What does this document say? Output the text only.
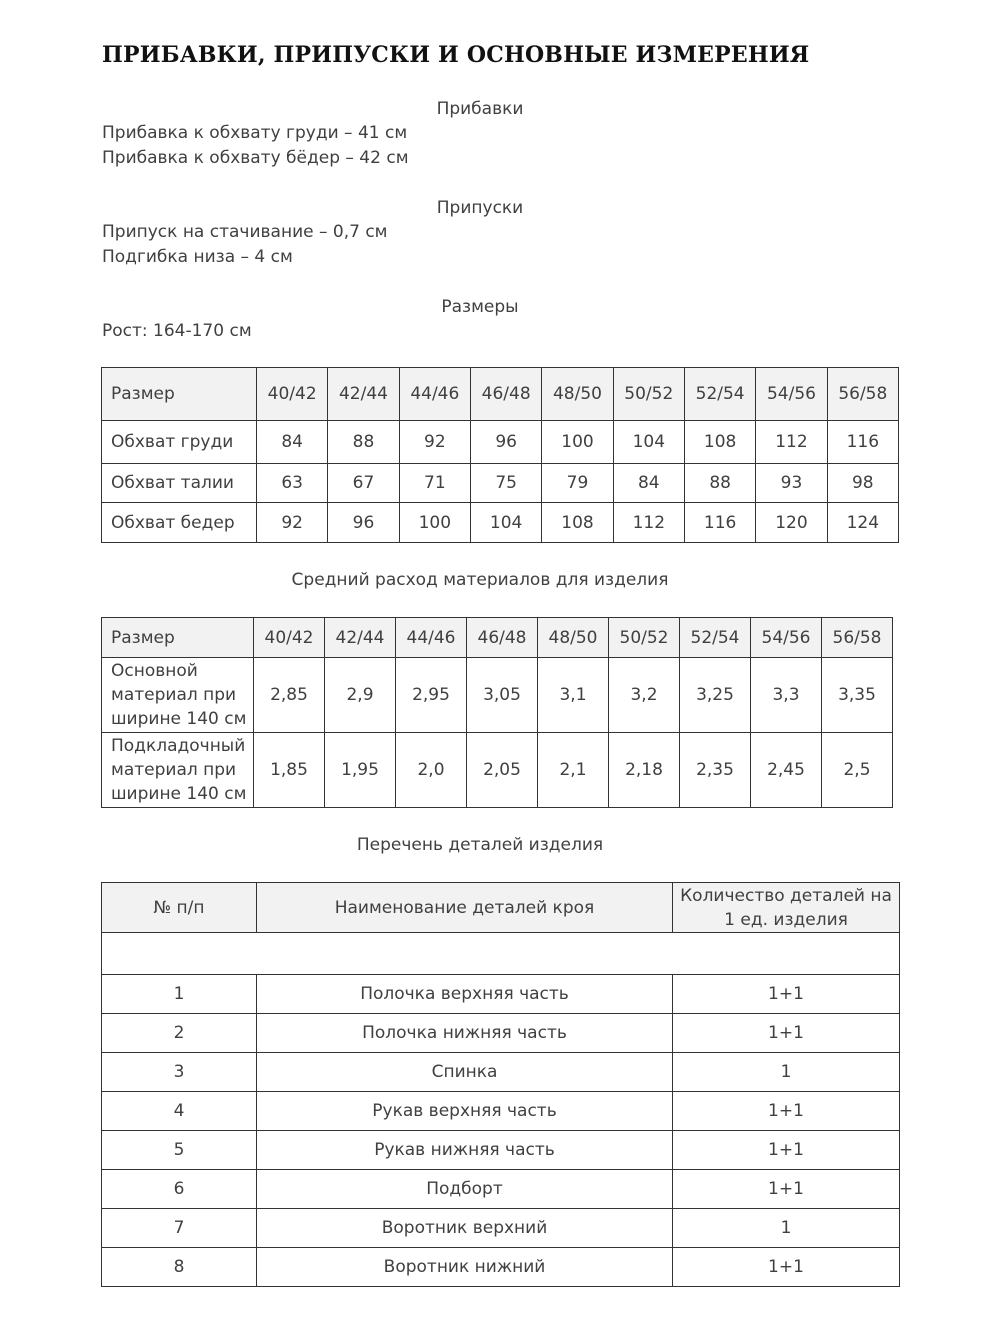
ПРИБАВКИ, ПРИПУСКИ И ОСНОВНЫЕ ИЗМЕРЕНИЯ

Прибавки

Прибавка к обхвату груди – 41 см

Прибавка к обхвату бёдер – 42 см

Припуски

Припуск на стачивание – 0,7 см

Подгибка низа – 4 см

Размеры

Рост: 164-170 см

Размер	40/42	42/44	44/46	46/48	48/50	50/52	52/54	54/56	56/58
Обхват груди	84	88	92	96	100	104	108	112	116
Обхват талии	63	67	71	75	79	84	88	93	98
Обхват бедер	92	96	100	104	108	112	116	120	124

Средний расход материалов для изделия

Размер	40/42	42/44	44/46	46/48	48/50	50/52	52/54	54/56	56/58

Основной
материал при
ширине 140 см	2,85	2,9	2,95	3,05	3,1	3,2	3,25	3,3	3,35

Подкладочный
материал при
ширине 140 см	1,85	1,95	2,0	2,05	2,1	2,18	2,35	2,45	2,5

Перечень деталей изделия

№ п/п	Наименование деталей кроя	Количество деталей на
1 ед. изделия

1	Полочка верхняя часть	1+1
2	Полочка нижняя часть	1+1
3	Спинка	1
4	Рукав верхняя часть	1+1
5	Рукав нижняя часть	1+1
6	Подборт	1+1
7	Воротник верхний	1
8	Воротник нижний	1+1
